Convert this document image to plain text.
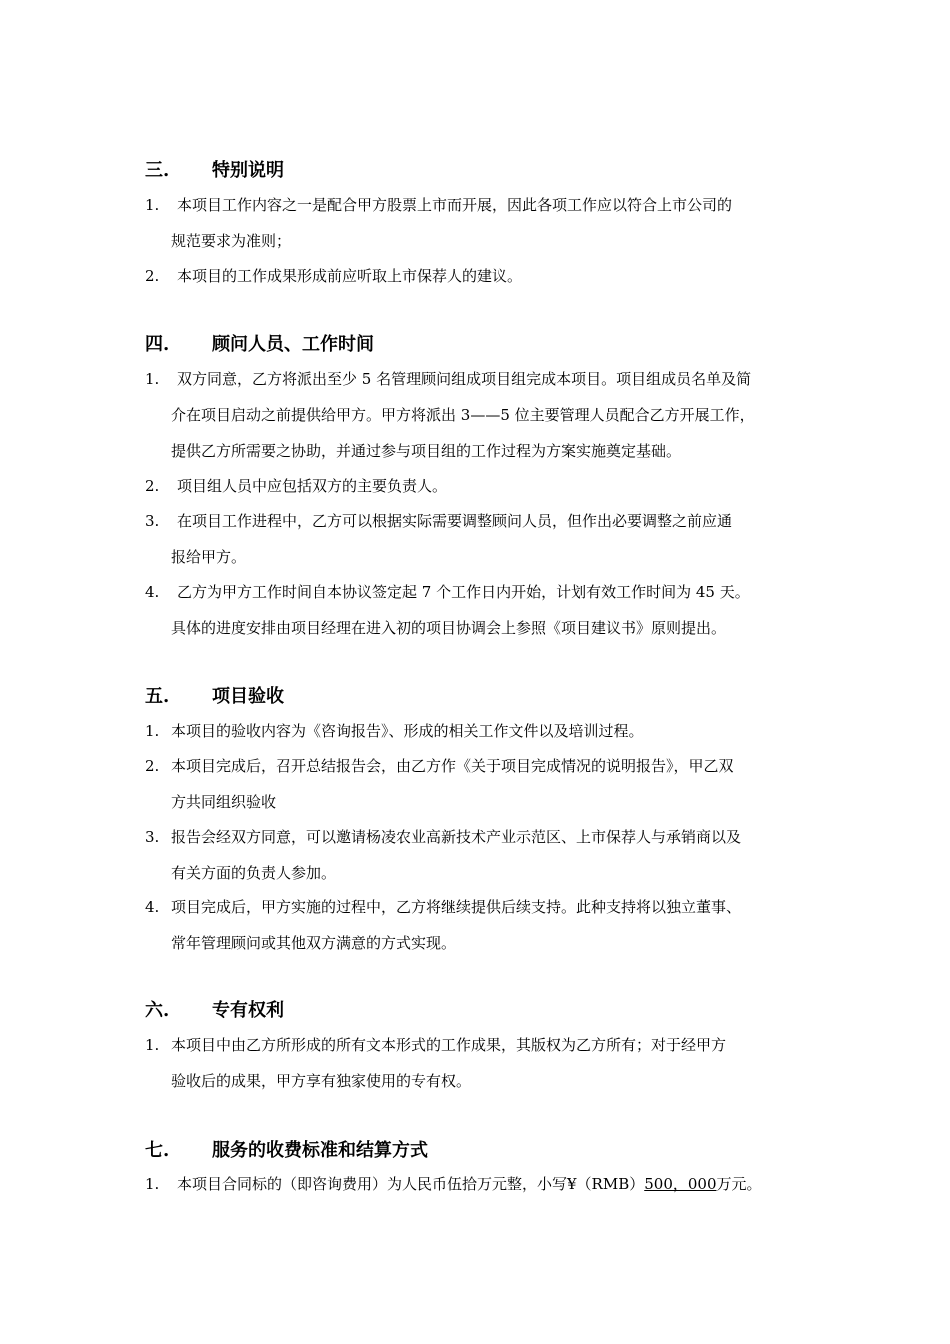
三. 特别说明
1. 本项目工作内容之一是配合甲方股票上市而开展，因此各项工作应以符合上市公司的
规范要求为准则；
2. 本项目的工作成果形成前应听取上市保荐人的建议。
四. 顾问人员、工作时间
1. 双方同意，乙方将派出至少 5 名管理顾问组成项目组完成本项目。项目组成员名单及简
介在项目启动之前提供给甲方。甲方将派出 3——5 位主要管理人员配合乙方开展工作，
提供乙方所需要之协助，并通过参与项目组的工作过程为方案实施奠定基础。
2. 项目组人员中应包括双方的主要负责人。
3. 在项目工作进程中，乙方可以根据实际需要调整顾问人员，但作出必要调整之前应通
报给甲方。
4. 乙方为甲方工作时间自本协议签定起 7 个工作日内开始，计划有效工作时间为 45 天。
具体的进度安排由项目经理在进入初的项目协调会上参照《项目建议书》原则提出。
五. 项目验收
1. 本项目的验收内容为《咨询报告》、形成的相关工作文件以及培训过程。
2. 本项目完成后，召开总结报告会，由乙方作《关于项目完成情况的说明报告》，甲乙双
方共同组织验收
3. 报告会经双方同意，可以邀请杨凌农业高新技术产业示范区、上市保荐人与承销商以及
有关方面的负责人参加。
4. 项目完成后，甲方实施的过程中，乙方将继续提供后续支持。此种支持将以独立董事、
常年管理顾问或其他双方满意的方式实现。
六. 专有权利
1. 本项目中由乙方所形成的所有文本形式的工作成果，其版权为乙方所有；对于经甲方
验收后的成果，甲方享有独家使用的专有权。
七. 服务的收费标准和结算方式
1. 本项目合同标的（即咨询费用）为人民币伍拾万元整，小写¥（RMB）500，000万元。
